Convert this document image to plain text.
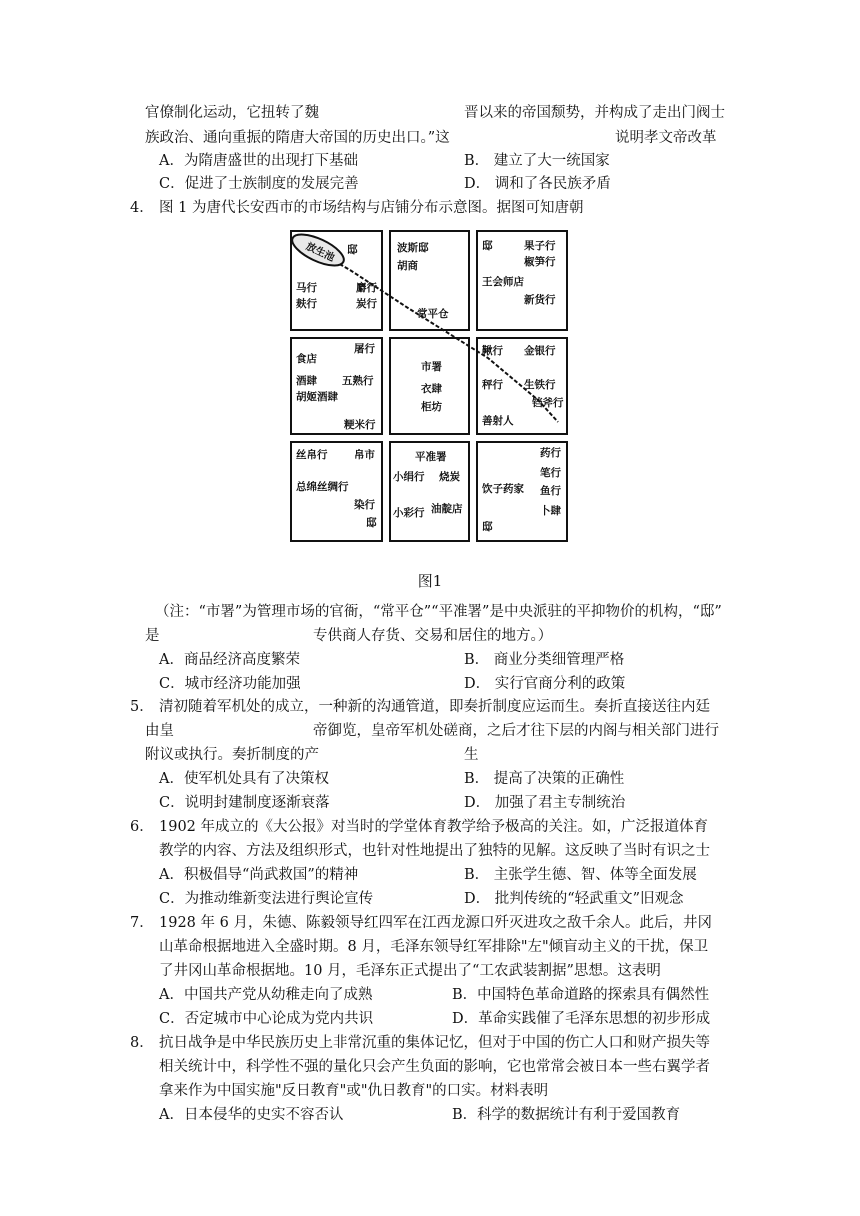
官僚制化运动，它扭转了魏	晋以来的帝国颓势，并构成了走出门阀士
族政治、通向重振的隋唐大帝国的历史出口。”这	说明孝文帝改革
A．为隋唐盛世的出现打下基础	B． 建立了大一统国家
C．促进了士族制度的发展完善	D． 调和了各民族矛盾
4． 图 1 为唐代长安西市的市场结构与店铺分布示意图。据图可知唐朝
邸
马行
麸行
麝行
炭行
波斯邸
胡商
常平仓
邸	果子行
椒笋行
王会师店
新货行
屠行
食店
酒肆 五熟行
胡姬酒肆
粳米行
市署
衣肆
柜坊
鞦行 金银行
秤行 生铁行
铛斧行
善射人
丝帛行	帛市
总绵丝绸行
染行
邸
平准署
小绢行 烧炭
小彩行 油靛店
药行
笔行
饮子药家 鱼行
卜肆
邸
放生池
图1
（注：“市署”为管理市场的官衙，“常平仓”“平准署”是中央派驻的平抑物价的机构，“邸”
是	专供商人存货、交易和居住的地方。）
A．商品经济高度繁荣	B． 商业分类细管理严格
C．城市经济功能加强	D． 实行官商分利的政策
5． 清初随着军机处的成立，一种新的沟通管道，即奏折制度应运而生。奏折直接送往内廷
由皇	帝御览，皇帝军机处磋商，之后才往下层的内阁与相关部门进行
附议或执行。奏折制度的产	生
A．使军机处具有了决策权	B． 提高了决策的正确性
C．说明封建制度逐渐衰落	D． 加强了君主专制统治
6． 1902 年成立的《大公报》对当时的学堂体育教学给予极高的关注。如，广泛报道体育
教学的内容、方法及组织形式，也针对性地提出了独特的见解。这反映了当时有识之士
A．积极倡导“尚武救国”的精神	B． 主张学生德、智、体等全面发展
C．为推动维新变法进行舆论宣传	D． 批判传统的“轻武重文”旧观念
7． 1928 年 6 月，朱德、陈毅领导红四军在江西龙源口歼灭进攻之敌千余人。此后，井冈
山革命根据地进入全盛时期。8 月，毛泽东领导红军排除"左"倾盲动主义的干扰，保卫
了井冈山革命根据地。10 月，毛泽东正式提出了“工农武装割据”思想。这表明
A．中国共产党从幼稚走向了成熟	B．中国特色革命道路的探索具有偶然性
C．否定城市中心论成为党内共识	D．革命实践催了毛泽东思想的初步形成
8． 抗日战争是中华民族历史上非常沉重的集体记忆，但对于中国的伤亡人口和财产损失等
相关统计中，科学性不强的量化只会产生负面的影响，它也常常会被日本一些右翼学者
拿来作为中国实施"反日教育"或"仇日教育"的口实。材料表明
A．日本侵华的史实不容否认	B．科学的数据统计有利于爱国教育
